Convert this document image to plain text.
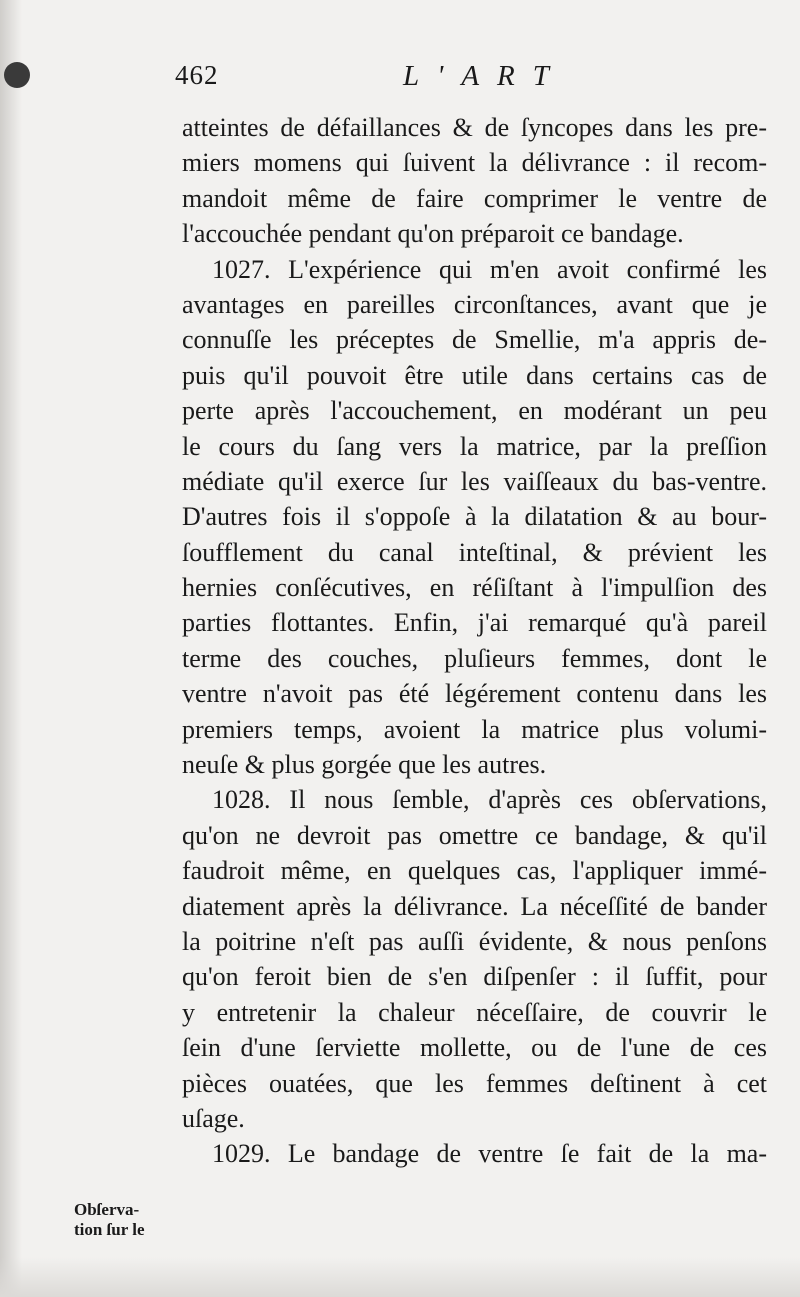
462	L'ART
atteintes de défaillances & de ſyncopes dans les pre-
miers momens qui ſuivent la délivrance : il recom-
mandoit même de faire comprimer le ventre de
l'accouchée pendant qu'on préparoit ce bandage.
1027. L'expérience qui m'en avoit confirmé les
avantages en pareilles circonſtances, avant que je
connuſſe les préceptes de Smellie, m'a appris de-
puis qu'il pouvoit être utile dans certains cas de
perte après l'accouchement, en modérant un peu
le cours du ſang vers la matrice, par la preſſion
médiate qu'il exerce ſur les vaiſſeaux du bas-ventre.
D'autres fois il s'oppoſe à la dilatation & au bour-
ſoufflement du canal inteſtinal, & prévient les
hernies conſécutives, en réſiſtant à l'impulſion des
parties flottantes. Enfin, j'ai remarqué qu'à pareil
terme des couches, pluſieurs femmes, dont le
ventre n'avoit pas été légérement contenu dans les
premiers temps, avoient la matrice plus volumi-
neuſe & plus gorgée que les autres.
1028. Il nous ſemble, d'après ces obſervations,
qu'on ne devroit pas omettre ce bandage, & qu'il
faudroit même, en quelques cas, l'appliquer immé-
diatement après la délivrance. La néceſſité de bander
la poitrine n'eſt pas auſſi évidente, & nous penſons
qu'on feroit bien de s'en diſpenſer : il ſuffit, pour
y entretenir la chaleur néceſſaire, de couvrir le
ſein d'une ſerviette mollette, ou de l'une de ces
pièces ouatées, que les femmes deſtinent à cet
uſage.
1029. Le bandage de ventre ſe fait de la ma-
Obſerva-
tion ſur le
